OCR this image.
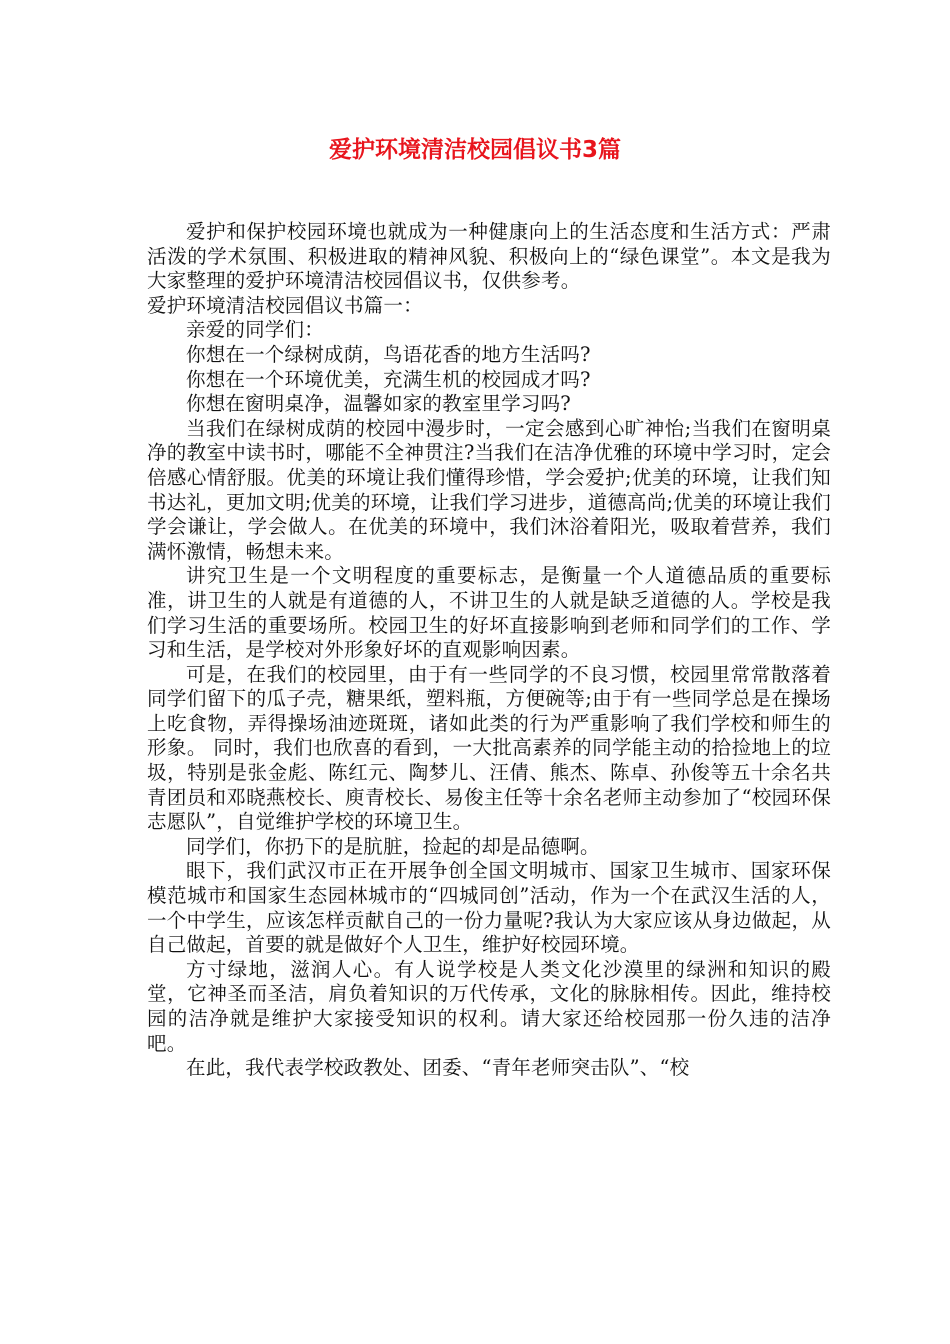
爱护环境清洁校园倡议书3篇

爱护和保护校园环境也就成为一种健康向上的生活态度和生活方式：严肃活泼的学术氛围、积极进取的精神风貌、积极向上的“绿色课堂”。本文是我为大家整理的爱护环境清洁校园倡议书，仅供参考。

爱护环境清洁校园倡议书篇一：

亲爱的同学们：

你想在一个绿树成荫，鸟语花香的地方生活吗?

你想在一个环境优美，充满生机的校园成才吗?

你想在窗明桌净，温馨如家的教室里学习吗?

当我们在绿树成荫的校园中漫步时，一定会感到心旷神怡;当我们在窗明桌净的教室中读书时，哪能不全神贯注?当我们在洁净优雅的环境中学习时，定会倍感心情舒服。优美的环境让我们懂得珍惜，学会爱护;优美的环境，让我们知书达礼，更加文明;优美的环境，让我们学习进步，道德高尚;优美的环境让我们学会谦让，学会做人。在优美的环境中，我们沐浴着阳光，吸取着营养，我们满怀激情，畅想未来。

讲究卫生是一个文明程度的重要标志，是衡量一个人道德品质的重要标准，讲卫生的人就是有道德的人，不讲卫生的人就是缺乏道德的人。学校是我们学习生活的重要场所。校园卫生的好坏直接影响到老师和同学们的工作、学习和生活，是学校对外形象好坏的直观影响因素。

可是，在我们的校园里，由于有一些同学的不良习惯，校园里常常散落着同学们留下的瓜子壳，糖果纸，塑料瓶，方便碗等;由于有一些同学总是在操场上吃食物，弄得操场油迹斑斑，诸如此类的行为严重影响了我们学校和师生的形象。 同时，我们也欣喜的看到，一大批高素养的同学能主动的拾捡地上的垃圾，特别是张金彪、陈红元、陶梦儿、汪倩、熊杰、陈卓、孙俊等五十余名共青团员和邓晓燕校长、庾青校长、易俊主任等十余名老师主动参加了“校园环保志愿队”，自觉维护学校的环境卫生。

同学们，你扔下的是肮脏，捡起的却是品德啊。

眼下，我们武汉市正在开展争创全国文明城市、国家卫生城市、国家环保模范城市和国家生态园林城市的“四城同创”活动，作为一个在武汉生活的人，一个中学生，应该怎样贡献自己的一份力量呢?我认为大家应该从身边做起，从自己做起，首要的就是做好个人卫生，维护好校园环境。

方寸绿地，滋润人心。有人说学校是人类文化沙漠里的绿洲和知识的殿堂，它神圣而圣洁，肩负着知识的万代传承，文化的脉脉相传。因此，维持校园的洁净就是维护大家接受知识的权利。请大家还给校园那一份久违的洁净吧。

在此，我代表学校政教处、团委、“青年老师突击队”、“校
